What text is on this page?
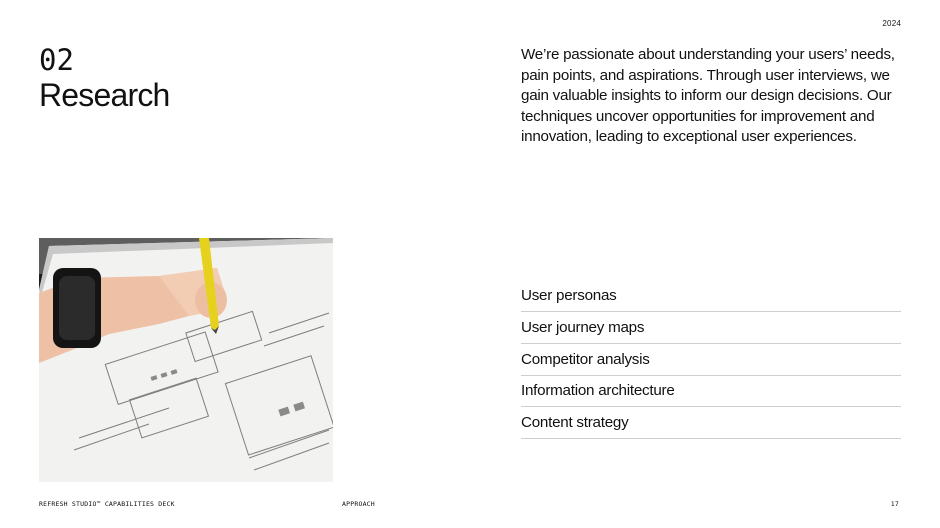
2024
02
Research

We’re passionate about understanding your users’ needs, pain points, and aspirations. Through user interviews, we gain valuable insights to inform our design decisions. Our techniques uncover opportunities for improvement and innovation, leading to exceptional user experiences.

User personas
User journey maps
Competitor analysis
Information architecture
Content strategy
REFRESH STUDIO™ CAPABILITIES DECK	APPROACH	17
